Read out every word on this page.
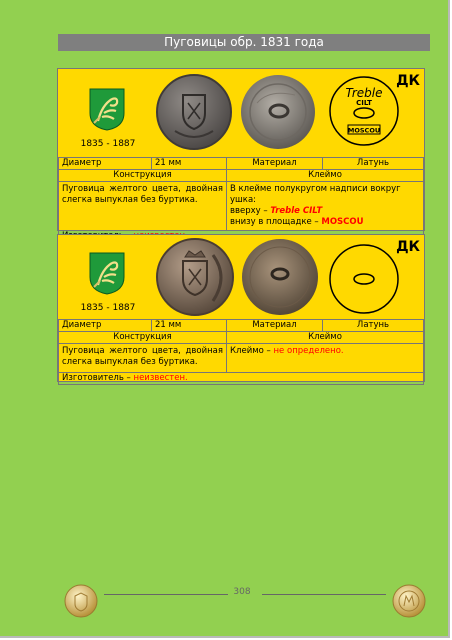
Пуговицы обр. 1831 года
1835 - 1887
Treble
CILT
MOSCOU
ДК
Диаметр	21 мм	Материал	Латунь
Конструкция		Клеймо	
Пуговица желтого цвета, двойная слегка выпуклая без буртика.		В клейме полукругом надписи вокруг ушка:
вверху – Treble CILT
внизу в площадке – MOSCOU	

1835 - 1887
ДК
Диаметр	21 мм	Материал	Латунь
Конструкция		Клеймо	
Пуговица желтого цвета, двойная слегка выпуклая без буртика.		Клеймо – не определено.	
Изготовитель – неизвестен.			
308
